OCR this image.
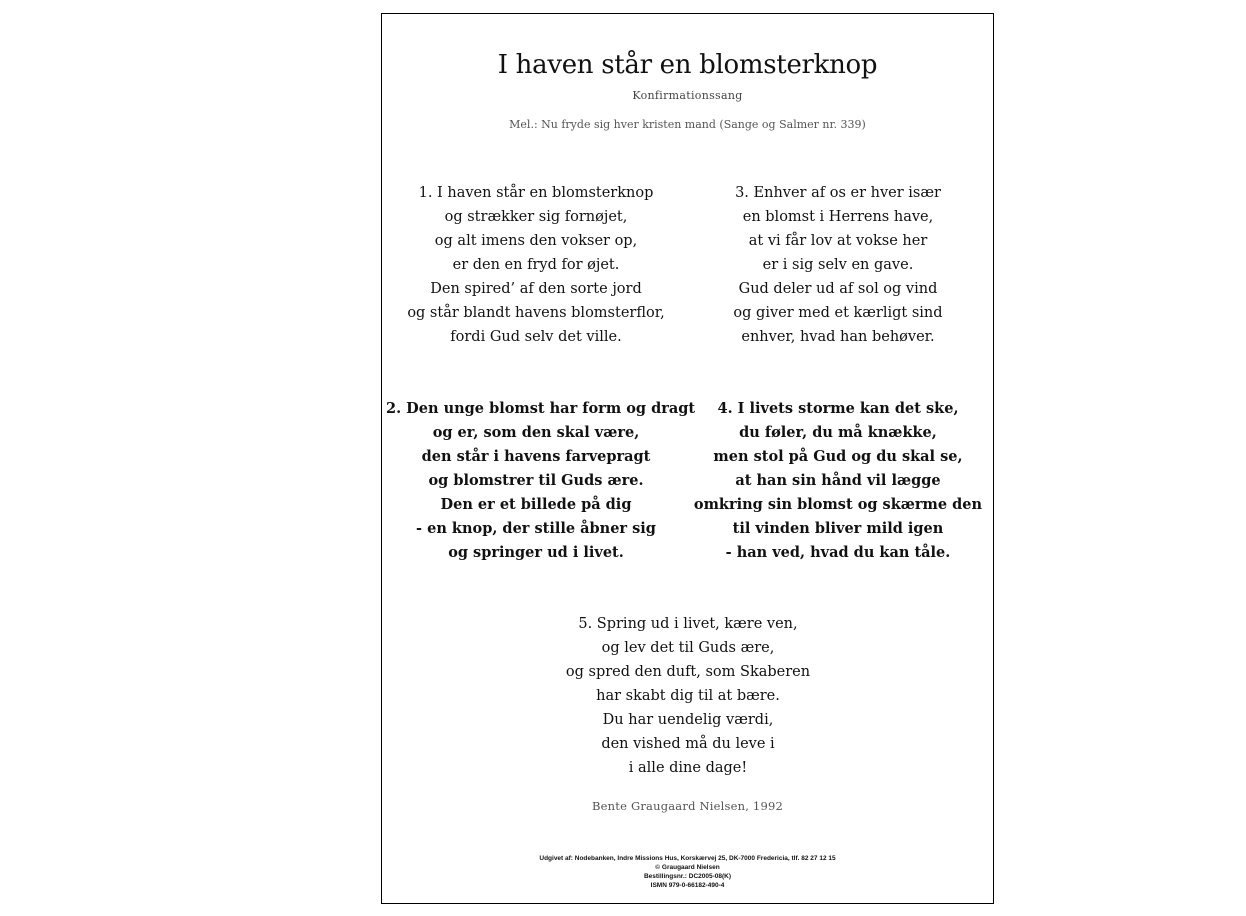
I haven står en blomsterknop
Konfirmationssang
Mel.: Nu fryde sig hver kristen mand (Sange og Salmer nr. 339)
1. I haven står en blomsterknop
og strækker sig fornøjet,
og alt imens den vokser op,
er den en fryd for øjet.
Den spired’ af den sorte jord
og står blandt havens blomsterflor,
fordi Gud selv det ville.
3. Enhver af os er hver især
en blomst i Herrens have,
at vi får lov at vokse her
er i sig selv en gave.
Gud deler ud af sol og vind
og giver med et kærligt sind
enhver, hvad han behøver.
2. Den unge blomst har form og dragt
og er, som den skal være,
den står i havens farvepragt
og blomstrer til Guds ære.
Den er et billede på dig
- en knop, der stille åbner sig
og springer ud i livet.
4. I livets storme kan det ske,
du føler, du må knække,
men stol på Gud og du skal se,
at han sin hånd vil lægge
omkring sin blomst og skærme den
til vinden bliver mild igen
- han ved, hvad du kan tåle.
5. Spring ud i livet, kære ven,
og lev det til Guds ære,
og spred den duft, som Skaberen
har skabt dig til at bære.
Du har uendelig værdi,
den vished må du leve i
i alle dine dage!
Bente Graugaard Nielsen, 1992
Udgivet af: Nodebanken, Indre Missions Hus, Korskærvej 25, DK-7000 Fredericia, tlf. 82 27 12 15
© Graugaard Nielsen
Bestillingsnr.: DC2005-08(K)
ISMN 979-0-66182-490-4
